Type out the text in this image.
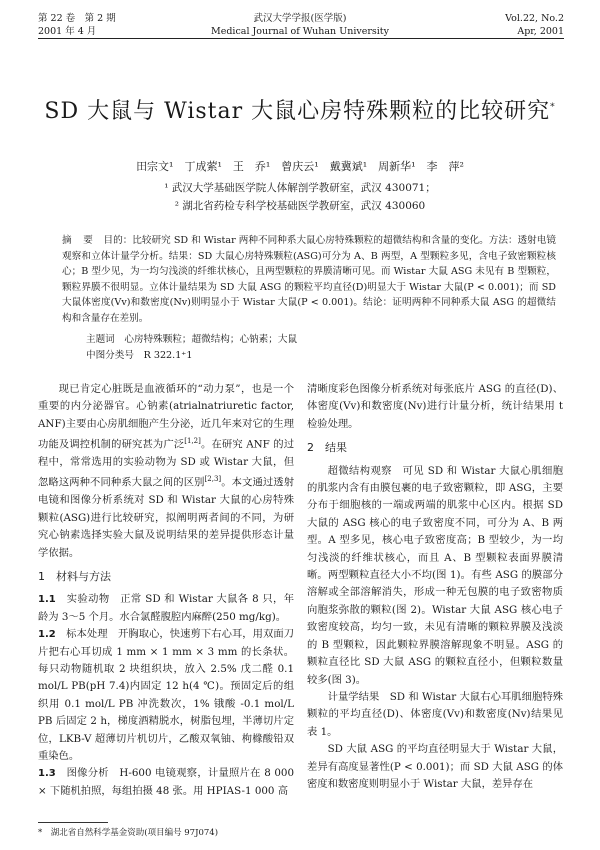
第 22 卷　第 2 期
2001 年 4 月
武汉大学学报(医学版)
Medical Journal of Wuhan University
Vol.22, No.2
Apr, 2001
SD 大鼠与 Wistar 大鼠心房特殊颗粒的比较研究*
田宗文¹　丁成萦¹　王　乔¹　曾庆云¹　戴冀斌¹　周新华¹　李　萍²
¹ 武汉大学基础医学院人体解剖学教研室，武汉 430071；
² 湖北省药检专科学校基础医学教研室，武汉 430060
摘　要　 目的：比较研究 SD 和 Wistar 两种不同种系大鼠心房特殊颗粒的超微结构和含量的变化。方法：透射电镜观察和立体计量学分析。结果：SD 大鼠心房特殊颗粒(ASG)可分为 A、B 两型，A 型颗粒多见，含电子致密颗粒核心；B 型少见，为一均匀浅淡的纤维状核心，且两型颗粒的界膜清晰可见。而 Wistar 大鼠 ASG 未见有 B 型颗粒，颗粒界膜不很明显。立体计量结果为 SD 大鼠 ASG 的颗粒平均直径(D)明显大于 Wistar 大鼠(P < 0.001)；而 SD 大鼠体密度(Vv)和数密度(Nv)则明显小于 Wistar 大鼠(P < 0.001)。结论：证明两种不同种系大鼠 ASG 的超微结构和含量存在差别。
主题词　 心房特殊颗粒；超微结构；心钠素；大鼠
中图分类号　 R 322.1⁺1

现已肯定心脏既是血液循环的“动力泵”，也是一个重要的内分泌器官。心钠素(atrialnatriuretic factor, ANF)主要由心房肌细胞产生分泌，近几年来对它的生理功能及调控机制的研究甚为广泛[1,2]。在研究 ANF 的过程中，常常选用的实验动物为 SD 或 Wistar 大鼠，但忽略这两种不同种系大鼠之间的区别[2,3]。本文通过透射电镜和图像分析系统对 SD 和 Wistar 大鼠的心房特殊颗粒(ASG)进行比较研究，拟阐明两者间的不同，为研究心钠素选择实验大鼠及说明结果的差异提供形态计量学依据。

1　材料与方法

1.1　 实验动物　 正常 SD 和 Wistar 大鼠各 8 只，年龄为 3～5 个月。水合氯醛腹腔内麻醉(250 mg/kg)。

1.2　 标本处理　 开胸取心，快速剪下右心耳，用双面刀片把右心耳切成 1 mm × 1 mm × 3 mm 的长条状。每只动物随机取 2 块组织块，放入 2.5% 戊二醛 0.1 mol/L PB(pH 7.4)内固定 12 h(4 ℃)。预固定后的组织用 0.1 mol/L PB 冲洗数次，1% 锇酸 -0.1 mol/L PB 后固定 2 h，梯度酒精脱水，树脂包埋，半薄切片定位，LKB-V 超薄切片机切片，乙酸双氧铀、枸橼酸铅双重染色。

1.3　 图像分析　 H-600 电镜观察，计量照片在 8 000 × 下随机拍照，每组拍摄 48 张。用 HPIAS-1 000 高

清晰度彩色图像分析系统对每张底片 ASG 的直径(D)、体密度(Vv)和数密度(Nv)进行计量分析，统计结果用 t 检验处理。

2　结果

超微结构观察　 可见 SD 和 Wistar 大鼠心肌细胞的肌浆内含有由膜包裹的电子致密颗粒，即 ASG，主要分布于细胞核的一端或两端的肌浆中心区内。根据 SD 大鼠的 ASG 核心的电子致密度不同，可分为 A、B 两型。A 型多见，核心电子致密度高；B 型较少，为一均匀浅淡的纤维状核心，而且 A、B 型颗粒表面界膜清晰。两型颗粒直径大小不均(图 1)。有些 ASG 的膜部分溶解或全部溶解消失，形成一种无包膜的电子致密物质向胞浆弥散的颗粒(图 2)。Wistar 大鼠 ASG 核心电子致密度较高，均匀一致，未见有清晰的颗粒界膜及浅淡的 B 型颗粒，因此颗粒界膜溶解现象不明显。ASG 的颗粒直径比 SD 大鼠 ASG 的颗粒直径小，但颗粒数量较多(图 3)。

计量学结果　 SD 和 Wistar 大鼠右心耳肌细胞特殊颗粒的平均直径(D)、体密度(Vv)和数密度(Nv)结果见表 1。

SD 大鼠 ASG 的平均直径明显大于 Wistar 大鼠，差异有高度显著性(P < 0.001)；而 SD 大鼠 ASG 的体密度和数密度则明显小于 Wistar 大鼠，差异存在

*　湖北省自然科学基金资助(项目编号 97J074)
